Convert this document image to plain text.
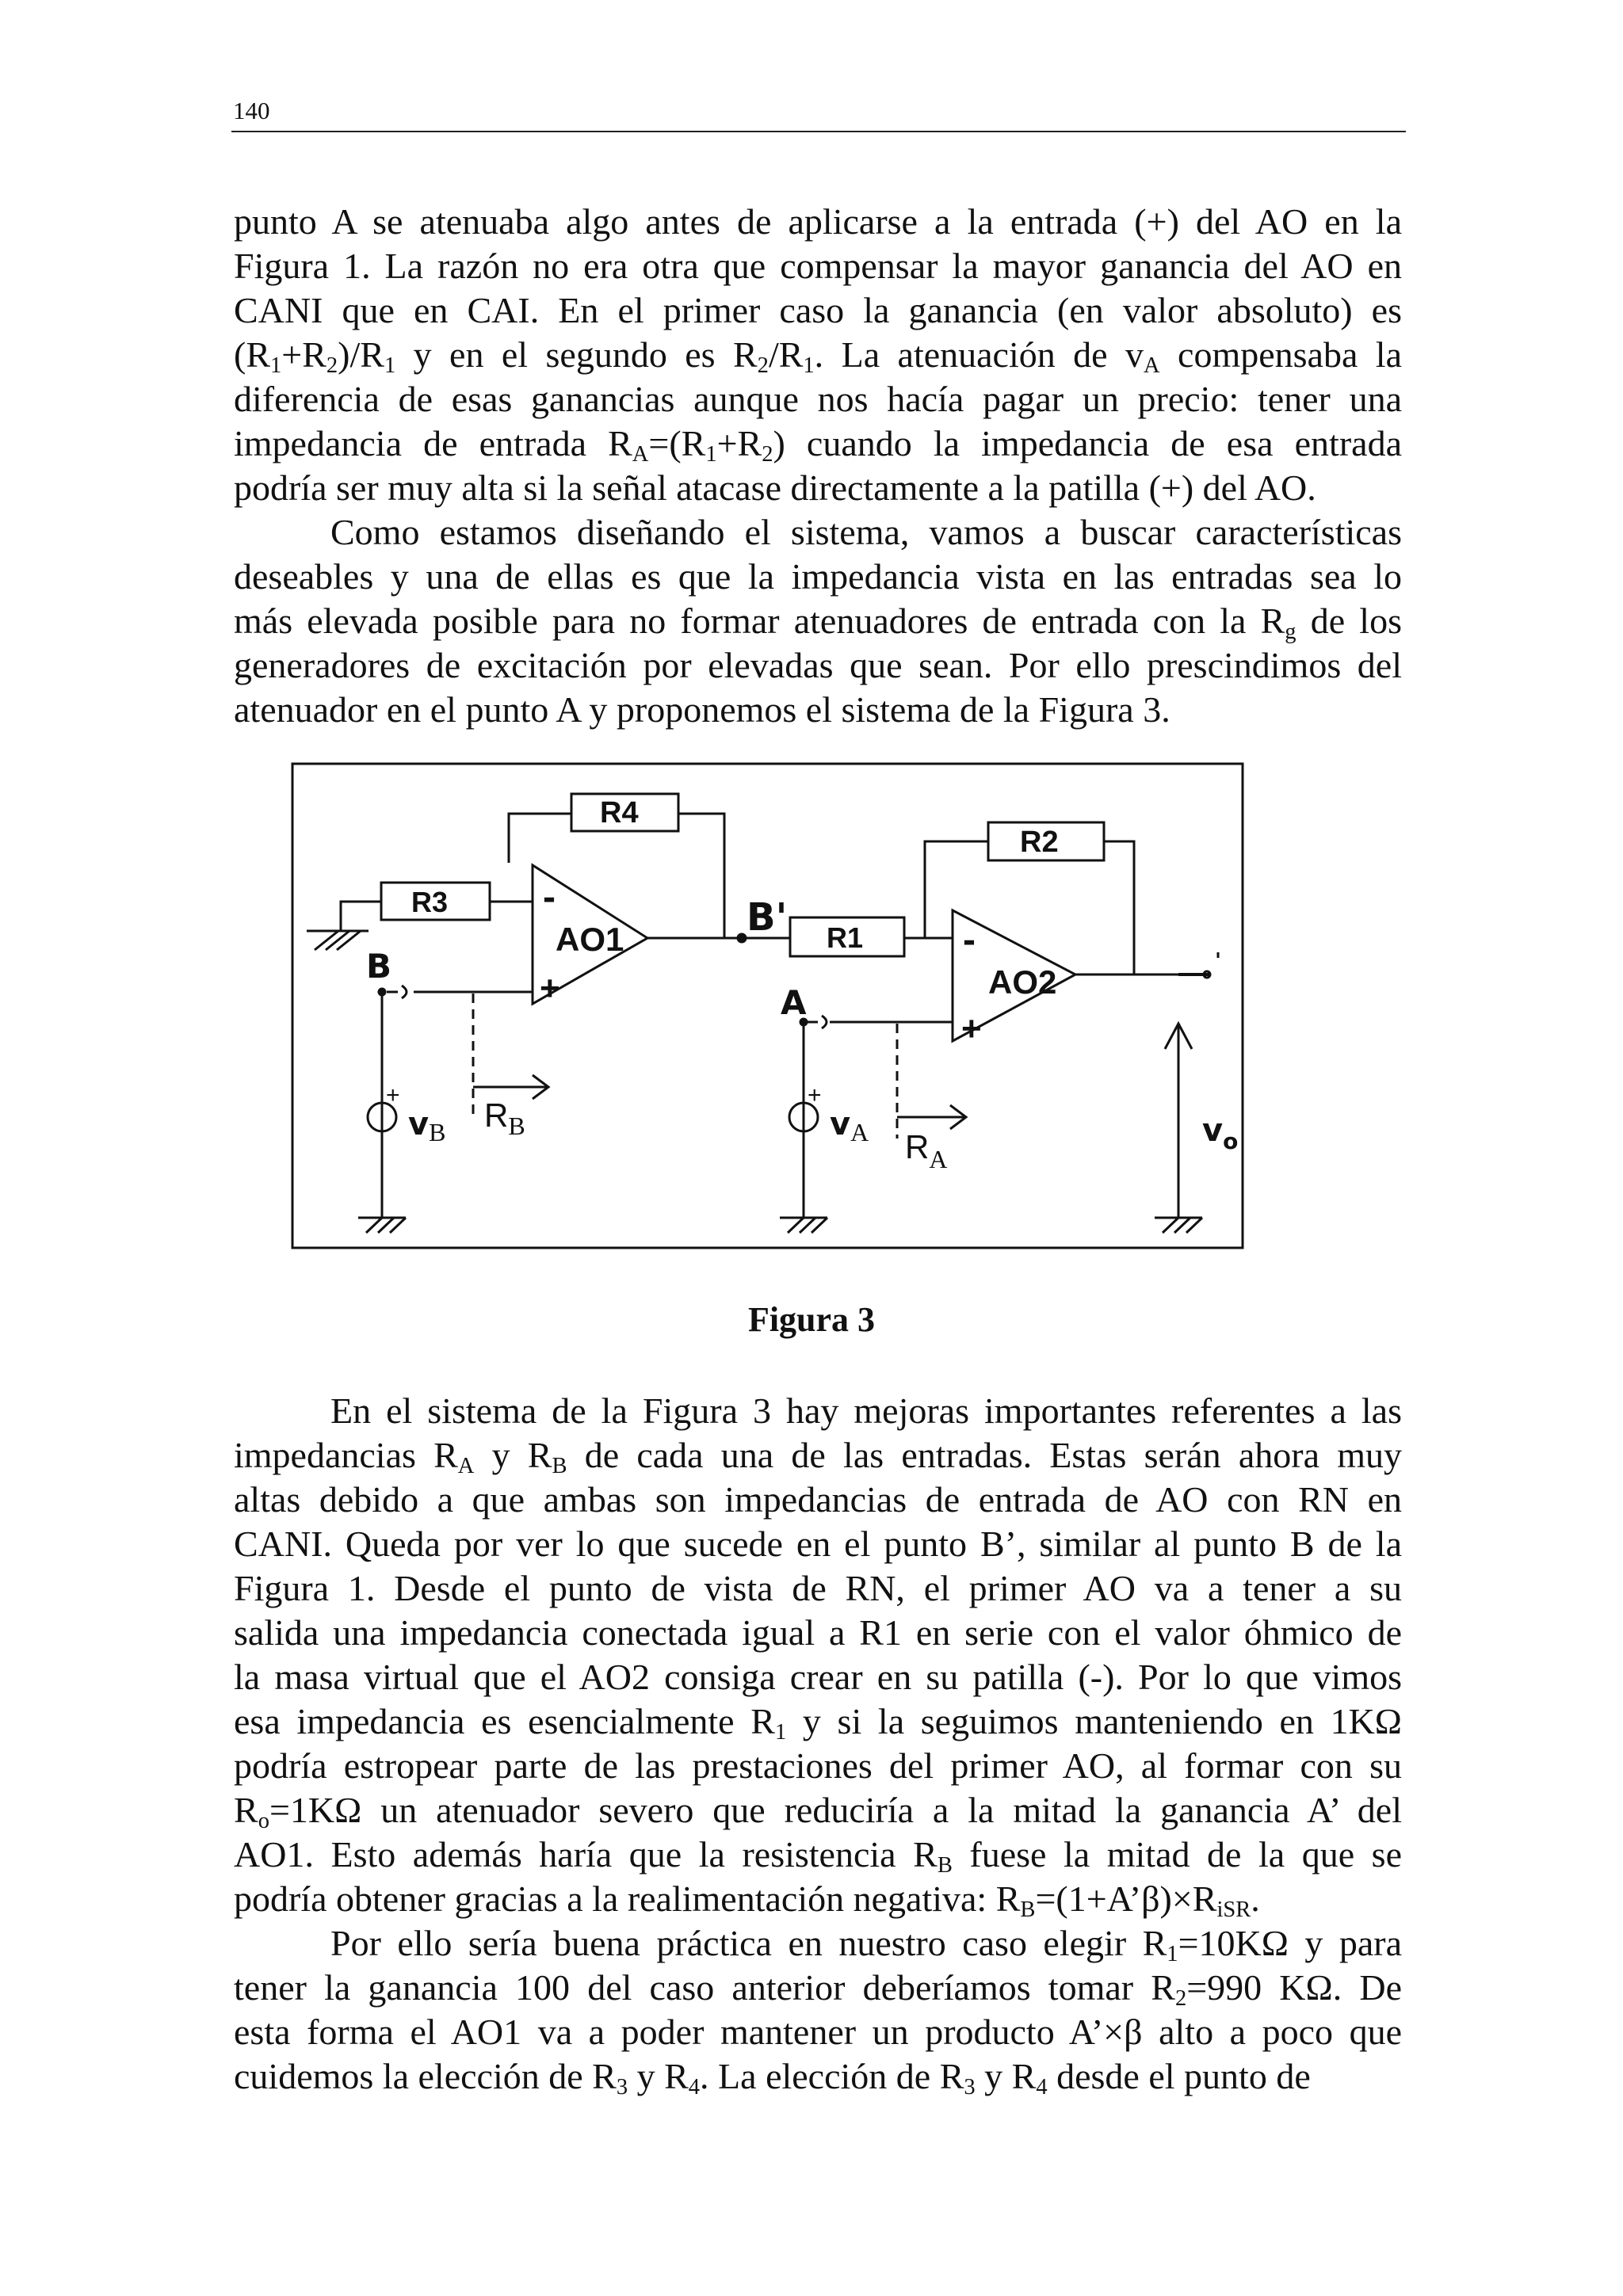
140
punto A se atenuaba algo antes de aplicarse a la entrada (+) del AO en la
Figura 1. La razón no era otra que compensar la mayor ganancia del AO en
CANI que en CAI. En el primer caso la ganancia (en valor absoluto) es
$(R_1+R_2)/R_1$ y en el segundo es $R_2/R_1$. La atenuación de $v_A$ compensaba la
diferencia de esas ganancias aunque nos hacía pagar un precio: tener una
impedancia de entrada $R_A=(R_1+R_2)$ cuando la impedancia de esa entrada
podría ser muy alta si la señal atacase directamente a la patilla (+) del AO.
Como estamos diseñando el sistema, vamos a buscar características
deseables y una de ellas es que la impedancia vista en las entradas sea lo
más elevada posible para no formar atenuadores de entrada con la $R_g$ de los
generadores de excitación por elevadas que sean. Por ello prescindimos del
atenuador en el punto A y proponemos el sistema de la Figura 3.
R4
R3
R2
R1
AO1
AO2
-
+
-
+
B
B'
A
+	+
$v_B$ $R_B$	$v_A$ $R_A$
$v_o$
Figura 3
En el sistema de la Figura 3 hay mejoras importantes referentes a las
impedancias $R_A$ y $R_B$ de cada una de las entradas. Estas serán ahora muy
altas debido a que ambas son impedancias de entrada de AO con RN en
CANI. Queda por ver lo que sucede en el punto B’, similar al punto B de la
Figura 1. Desde el punto de vista de RN, el primer AO va a tener a su
salida una impedancia conectada igual a R1 en serie con el valor óhmico de
la masa virtual que el AO2 consiga crear en su patilla (-). Por lo que vimos
esa impedancia es esencialmente $R_1$ y si la seguimos manteniendo en 1KΩ
podría estropear parte de las prestaciones del primer AO, al formar con su
$R_o=1K\Omega$ un atenuador severo que reduciría a la mitad la ganancia A’ del
AO1. Esto además haría que la resistencia $R_B$ fuese la mitad de la que se
podría obtener gracias a la realimentación negativa: $R_B=(1+A’\beta)\times R_{iSR}$.
Por ello sería buena práctica en nuestro caso elegir $R_1=10K\Omega$ y para
tener la ganancia 100 del caso anterior deberíamos tomar $R_2=990$ KΩ. De
esta forma el AO1 va a poder mantener un producto A’×β alto a poco que
cuidemos la elección de $R_3$ y $R_4$. La elección de $R_3$ y $R_4$ desde el punto de
